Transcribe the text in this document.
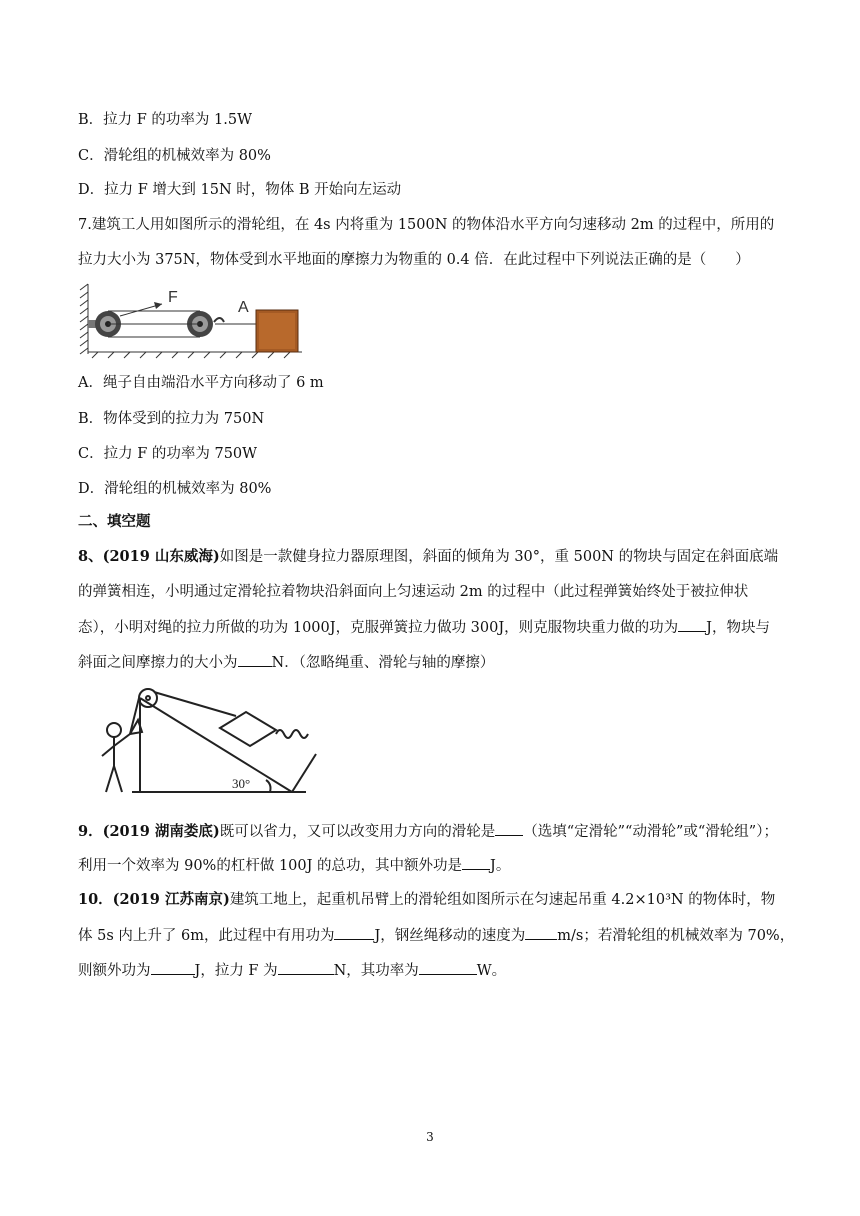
B．拉力 F 的功率为 1.5W
C．滑轮组的机械效率为 80%
D．拉力 F 增大到 15N 时，物体 B 开始向左运动
7.建筑工人用如图所示的滑轮组，在 4s 内将重为 1500N 的物体沿水平方向匀速移动 2m 的过程中，所用的
拉力大小为 375N，物体受到水平地面的摩擦力为物重的 0.4 倍．在此过程中下列说法正确的是（　　）
F
A
A．绳子自由端沿水平方向移动了 6 m
B．物体受到的拉力为 750N
C．拉力 F 的功率为 750W
D．滑轮组的机械效率为 80%
二、填空题
8、(2019 山东威海)如图是一款健身拉力器原理图，斜面的倾角为 30°，重 500N 的物块与固定在斜面底端
的弹簧相连，小明通过定滑轮拉着物块沿斜面向上匀速运动 2m 的过程中（此过程弹簧始终处于被拉伸状
态），小明对绳的拉力所做的功为 1000J，克服弹簧拉力做功 300J，则克服物块重力做的功为 J，物块与
斜面之间摩擦力的大小为 N．（忽略绳重、滑轮与轴的摩擦）
30°
9．(2019 湖南娄底)既可以省力，又可以改变用力方向的滑轮是 （选填“定滑轮”“动滑轮”或“滑轮组”）；
利用一个效率为 90%的杠杆做 100J 的总功，其中额外功是 J。
10．(2019 江苏南京)建筑工地上，起重机吊臂上的滑轮组如图所示在匀速起吊重 4.2×10³N 的物体时，物
体 5s 内上升了 6m，此过程中有用功为	J，钢丝绳移动的速度为 m/s；若滑轮组的机械效率为 70%，
则额外功为	J，拉力 F 为	N，其功率为	W。
3
